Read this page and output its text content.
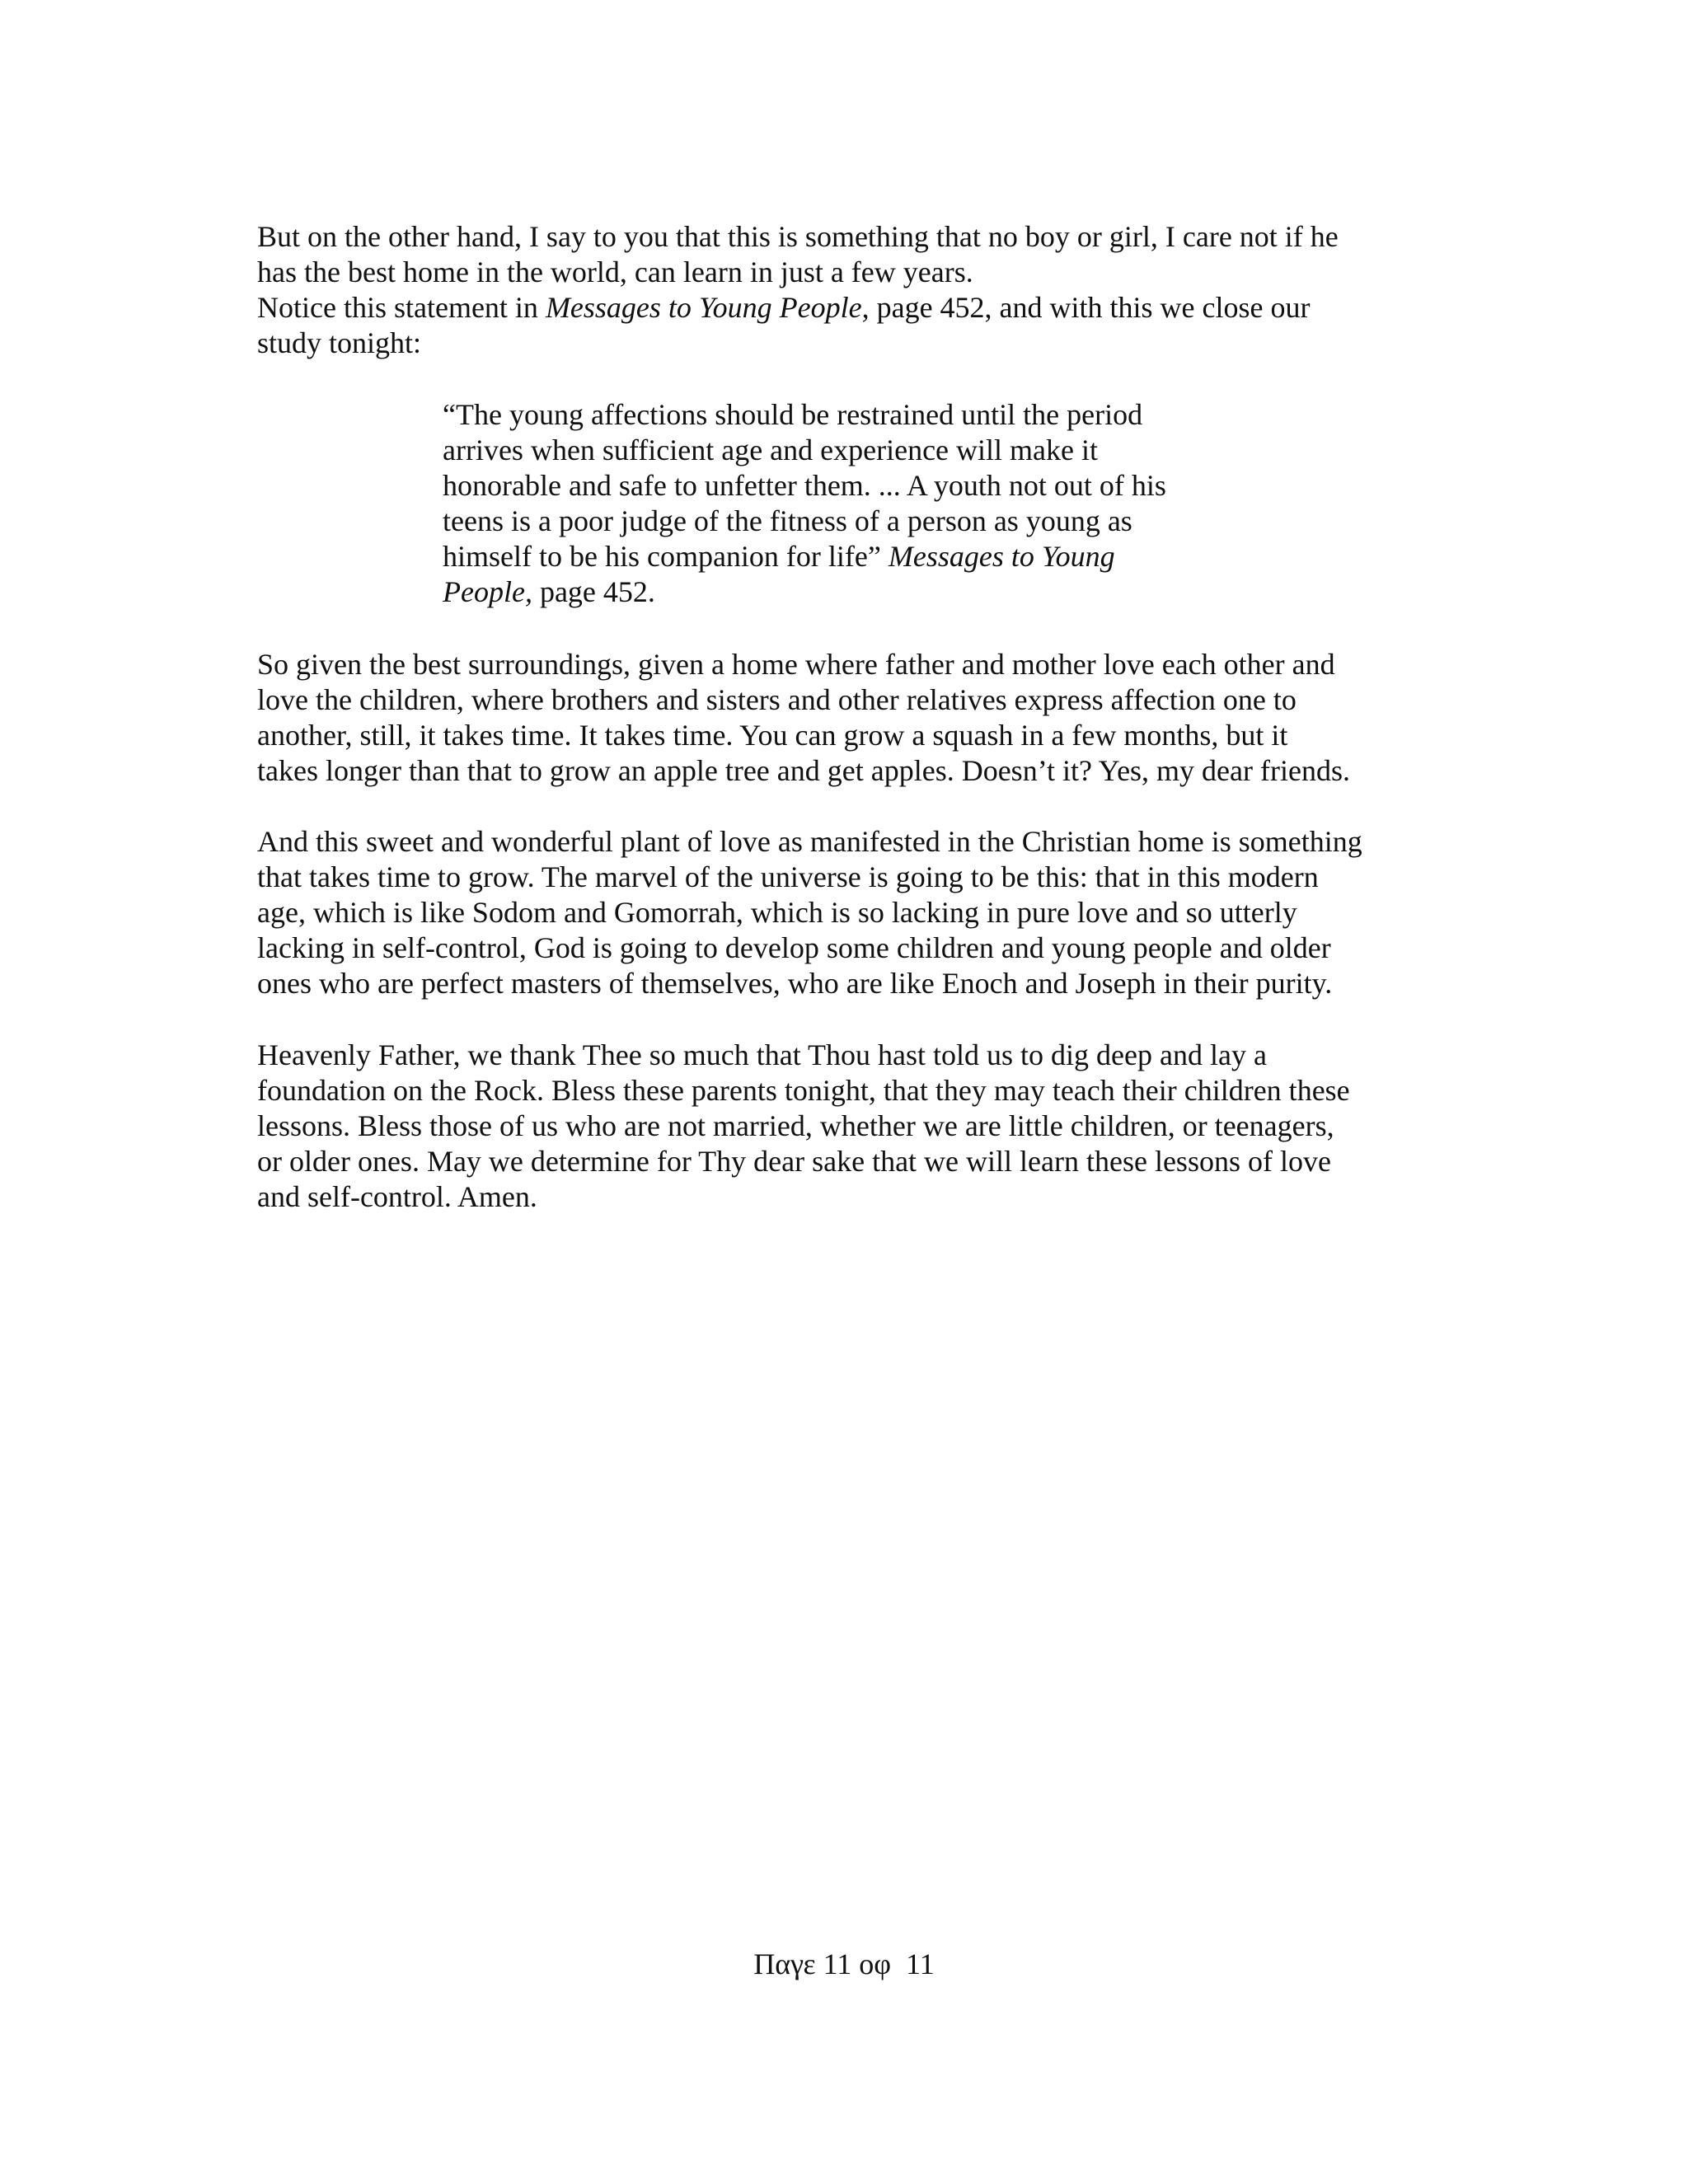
But on the other hand, I say to you that this is something that no boy or girl, I care not if he
has the best home in the world, can learn in just a few years.
Notice this statement in Messages to Young People, page 452, and with this we close our
study tonight:

“The young affections should be restrained until the period
arrives when sufficient age and experience will make it
honorable and safe to unfetter them. ... A youth not out of his
teens is a poor judge of the fitness of a person as young as
himself to be his companion for life” Messages to Young
People, page 452.

So given the best surroundings, given a home where father and mother love each other and
love the children, where brothers and sisters and other relatives express affection one to
another, still, it takes time. It takes time. You can grow a squash in a few months, but it
takes longer than that to grow an apple tree and get apples. Doesn’t it? Yes, my dear friends.

And this sweet and wonderful plant of love as manifested in the Christian home is something
that takes time to grow. The marvel of the universe is going to be this: that in this modern
age, which is like Sodom and Gomorrah, which is so lacking in pure love and so utterly
lacking in self-control, God is going to develop some children and young people and older
ones who are perfect masters of themselves, who are like Enoch and Joseph in their purity.

Heavenly Father, we thank Thee so much that Thou hast told us to dig deep and lay a
foundation on the Rock. Bless these parents tonight, that they may teach their children these
lessons. Bless those of us who are not married, whether we are little children, or teenagers,
or older ones. May we determine for Thy dear sake that we will learn these lessons of love
and self-control. Amen.

Παγε 11 οφ  11
